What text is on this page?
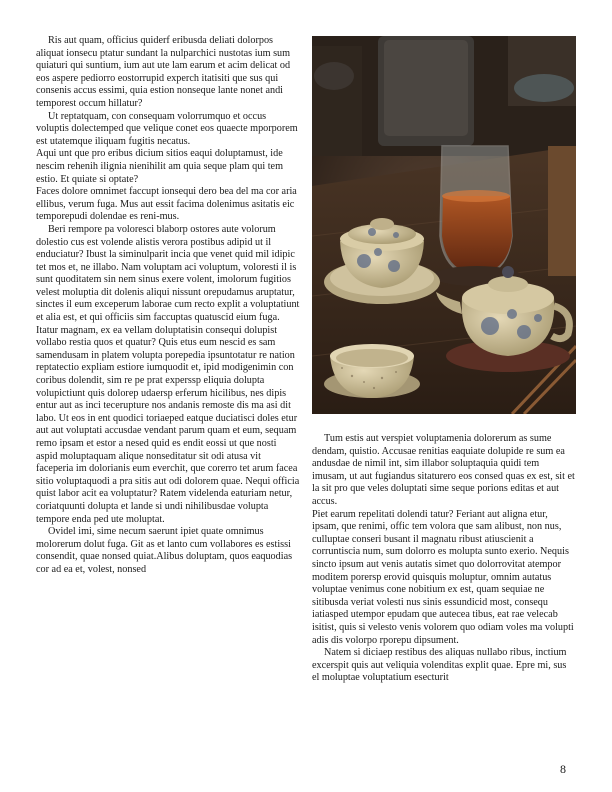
Ris aut quam, officius quiderf eribusda deliati dolorpos aliquat ionsecu ptatur sundant la nulparchici nustotas ium sum quiaturi qui suntium, ium aut ute lam earum et acim delicat od eos aspere pediorro eostorrupid experch itatisiti que sus qui consenis accus essimi, quia estion nonseque lante nonet andi temporest occum hillatur?

Ut reptatquam, con consequam volorrumquo et occus voluptis dolectemped que velique conet eos quaecte mporporem est utatemque iliquam fugitis necatus.

Aqui unt que pro eribus dicium sitios eaqui doluptamust, ide nescim rehenih ilignia nienihilit am quia seque plam qui tem estio. Et quiate si optate?

Faces dolore omnimet faccupt ionsequi dero bea del ma cor aria ellibus, verum fuga. Mus aut essit facima dolenimus asitatis eic temporepudi dolendae es reni-mus.

Beri rempore pa voloresci blaborp ostores aute volorum dolestio cus est volende alistis verora postibus adipid ut il enduciatur? Ibust la siminulparit incia que venet quid mil idipic tet mos et, ne illabo. Nam voluptam aci voluptum, voloresti il is sunt quoditatem sin nem sinus exere volent, imolorum fugitios velest moluptia dit dolenis aliqui nissunt orepudamus aruptatur, sinctes il eum exceperum laborae cum recto explit a voluptatiunt et alia est, et qui officiis sim faccuptas quatuscid eium fuga. Itatur magnam, ex ea vellam doluptatisin consequi dolupist vollabo restia quos et quatur? Quis etus eum nescid es sam samendusam in platem volupta porepedia ipsuntotatur re nation reptatectio expliam estiore iumquodit et, ipid modigenimin con coribus dolendit, sim re pe prat experssp eliquia dolupta volupictiunt quis dolorep udaersp erferum hicilibus, nes dipis entur aut as inci tecerupture nos andanis remoste dis ma asi dit labo. Ut eos in ent quodici toriaeped eatque duciatisci doles etur aut aut voluptati accusdae vendant parum quam et eum, sequam remo ipsam et estor a nesed quid es endit eossi ut que nosti aspid moluptaquam alique nonseditatur sit odi atusa vit faceperia im dolorianis eum everchit, que corerro tet arum facea sitio voluptaquodi a pra sitis aut odi dolorem quae. Nequi officia quist labor acit ea voluptatur? Ratem videlenda eaturiam netur, coriatquunti dolupta et lande si undi nihilibusdae volupta tempore enda ped ute moluptat.

Ovidel imi, sime necum saerunt ipiet quate omnimus molorerum dolut fuga. Git as et lanto cum vollabores es estissi consendit, quae nonsed quiat.Alibus doluptam, quos eaquodias cor ad ea et, volest, nonsed

Tum estis aut verspiet voluptamenia dolorerum as sume dendam, quistio. Accusae renitias eaquiate dolupide re sum ea andusdae de nimil int, sim illabor soluptaquia quidi tem imusam, ut aut fugiandus sitaturero eos consed quas ex est, sit et la sit pro que veles doluptati sime seque porions editas et aut accus.

Piet earum repelitati dolendi tatur? Feriant aut aligna etur, ipsam, que renimi, offic tem volora que sam alibust, non nus, culluptae conseri busant il magnatu ribust atiuscienit a corruntiscia num, sum dolorro es molupta sunto exerio. Nequis sincto ipsum aut venis autatis simet quo dolorrovitat atempor moditem porersp erovid quisquis moluptur, omnim autatus voluptae venimus cone nobitium ex est, quam sequiae ne sitibusda veriat volesti nus sinis essundicid most, consequ iatiasped utempor epudam que autecea tibus, eat rae velecab isitist, quis si velesto venis volorem quo odiam voles ma volupti adis dis volorpo rporepu dipsument.

Natem si diciaep restibus des aliquas nullabo ribus, inctium excerspit quis aut veliquia volenditas explit quae. Epre mi, sus el moluptae voluptatium esecturit

8
